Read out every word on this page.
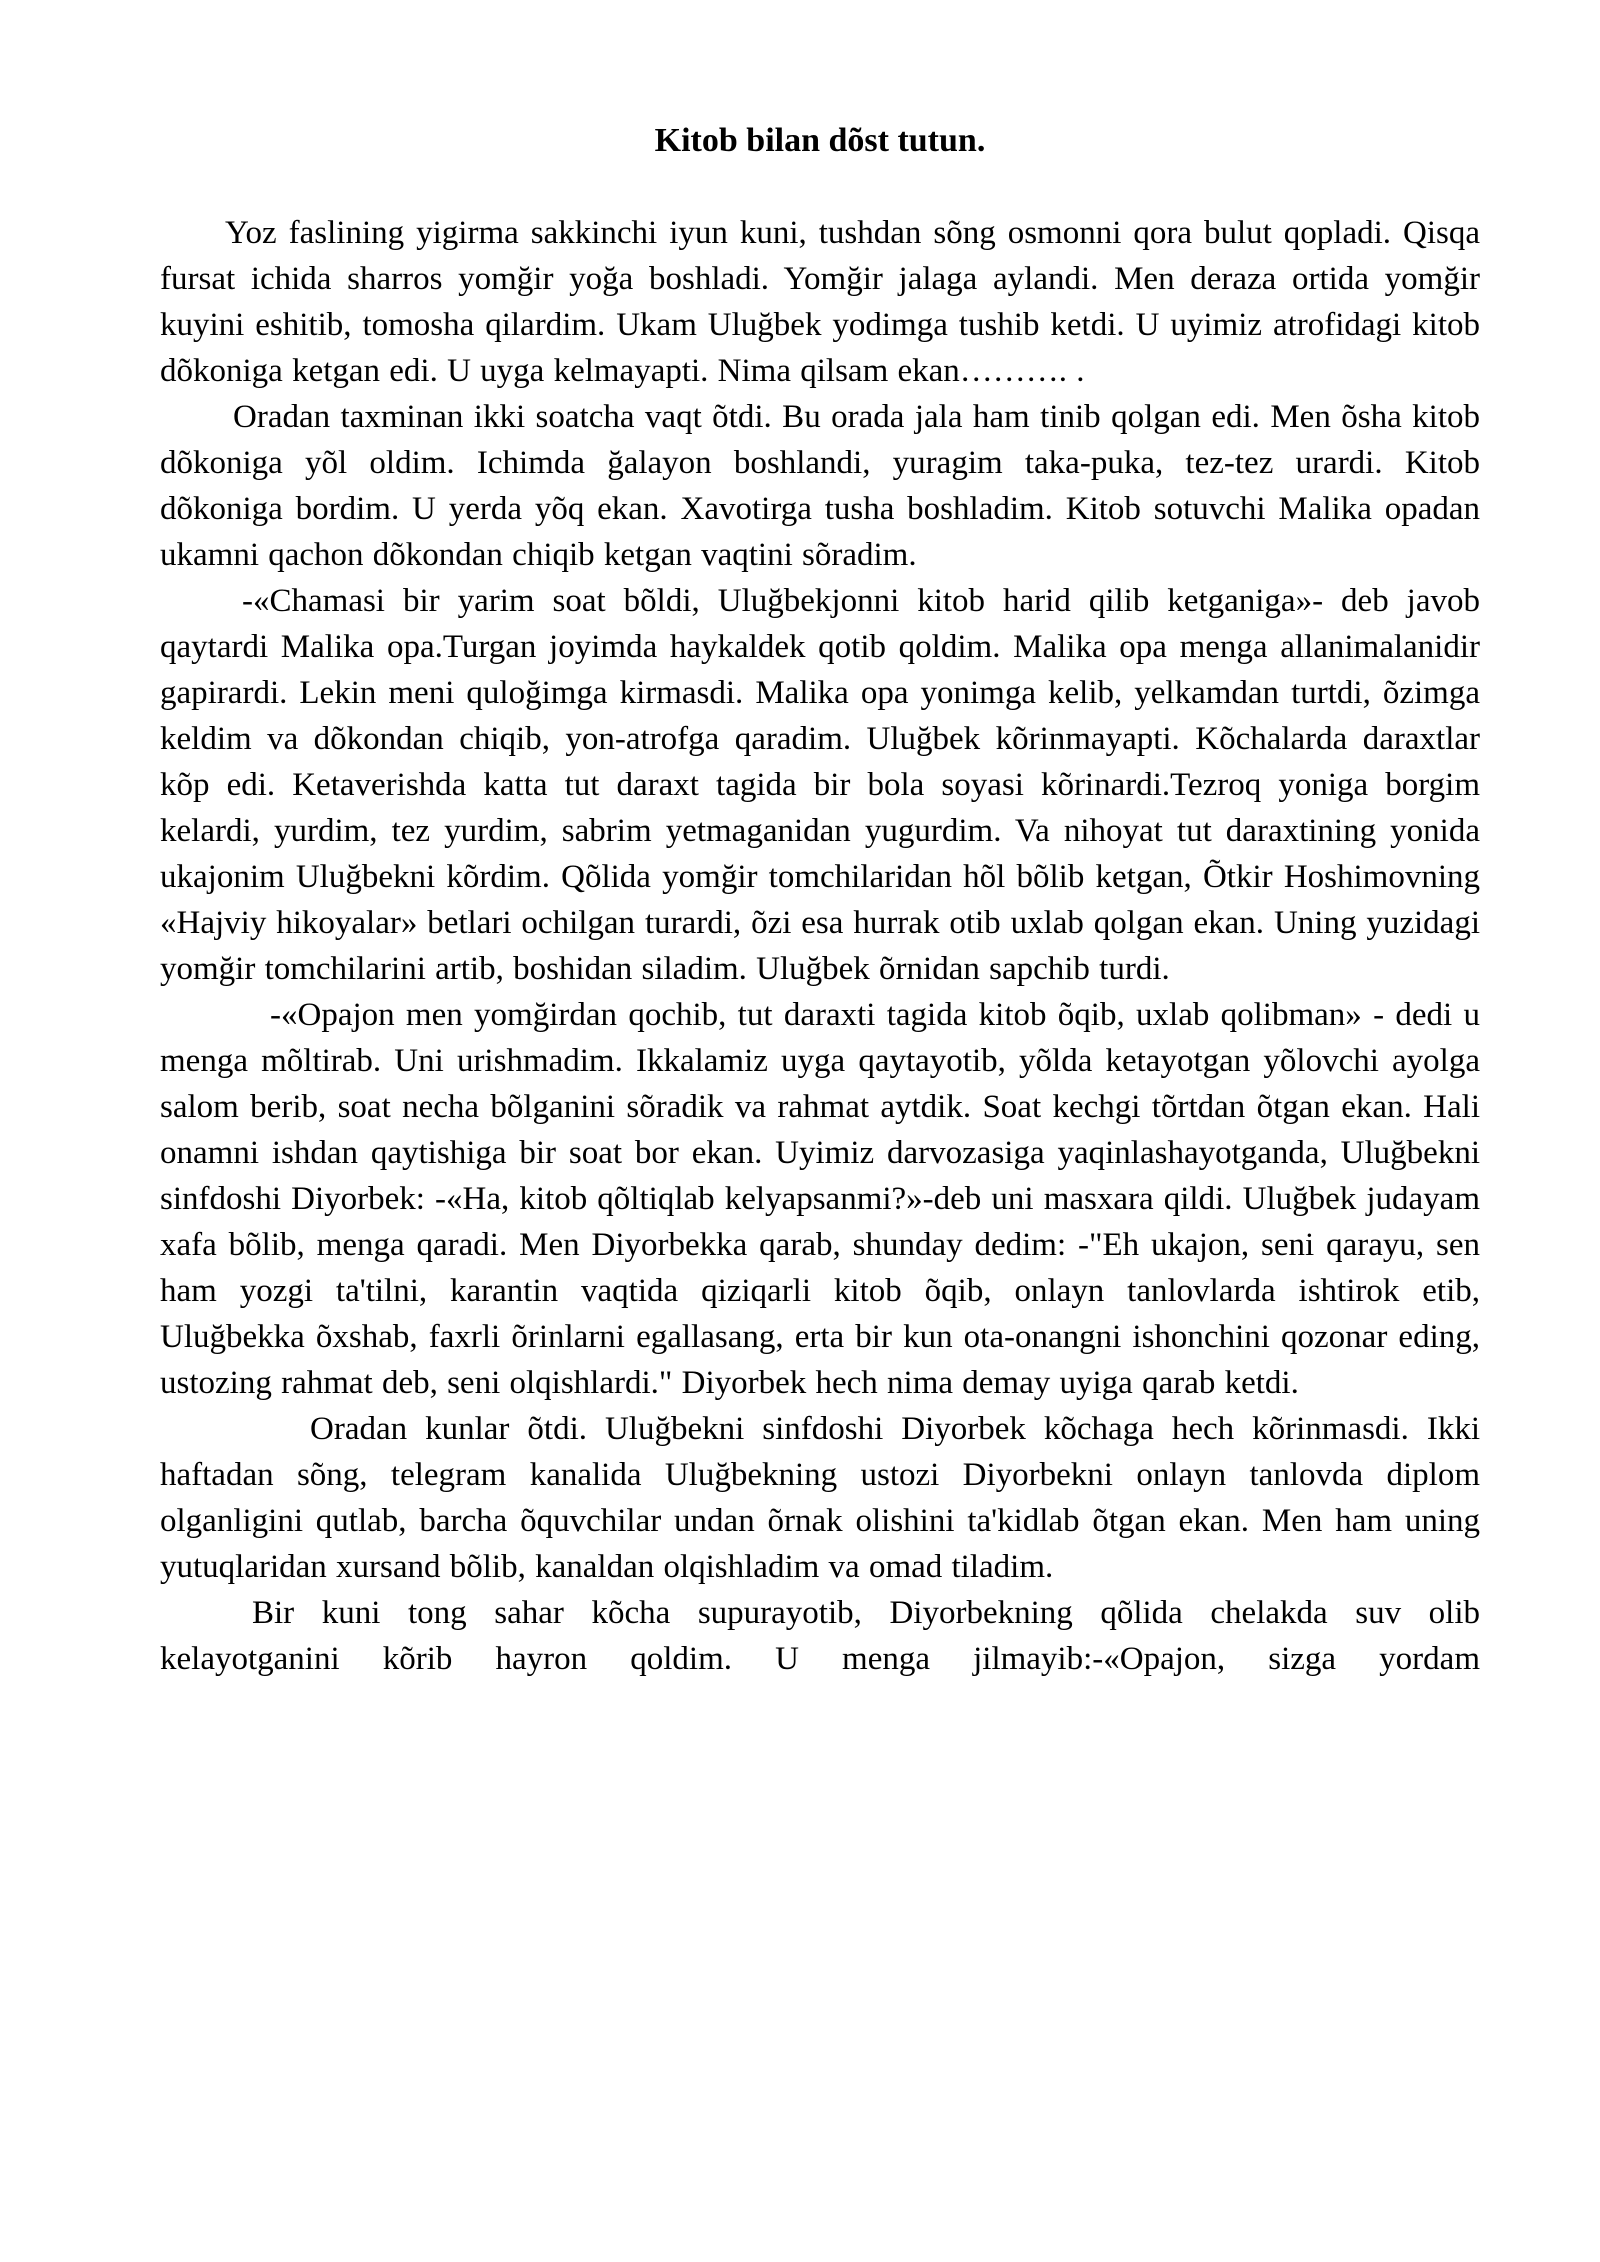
Kitob bilan dõst tutun.

Yoz faslining yigirma sakkinchi iyun kuni, tushdan sõng osmonni qora bulut qopladi. Qisqa fursat ichida sharros yomğir yoğa boshladi. Yomğir jalaga aylandi. Men deraza ortida yomğir kuyini eshitib, tomosha qilardim. Ukam Uluğbek yodimga tushib ketdi. U uyimiz atrofidagi kitob dõkoniga ketgan edi. U uyga kelmayapti. Nima qilsam ekan………. .

Oradan taxminan ikki soatcha vaqt õtdi. Bu orada jala ham tinib qolgan edi. Men õsha kitob dõkoniga yõl oldim. Ichimda ğalayon boshlandi, yuragim taka-puka, tez-tez urardi. Kitob dõkoniga bordim. U yerda yõq ekan. Xavotirga tusha boshladim. Kitob sotuvchi Malika opadan ukamni qachon dõkondan chiqib ketgan vaqtini sõradim.

-«Chamasi bir yarim soat bõldi, Uluğbekjonni kitob harid qilib ketganiga»- deb javob qaytardi Malika opa.Turgan joyimda haykaldek qotib qoldim. Malika opa menga allanimalanidir gapirardi. Lekin meni quloğimga kirmasdi. Malika opa yonimga kelib, yelkamdan turtdi, õzimga keldim va dõkondan chiqib, yon-atrofga qaradim. Uluğbek kõrinmayapti. Kõchalarda daraxtlar kõp edi. Ketaverishda katta tut daraxt tagida bir bola soyasi kõrinardi.Tezroq yoniga borgim kelardi, yurdim, tez yurdim, sabrim yetmaganidan yugurdim. Va nihoyat tut daraxtining yonida ukajonim Uluğbekni kõrdim. Qõlida yomğir tomchilaridan hõl bõlib ketgan, Õtkir Hoshimovning «Hajviy hikoyalar» betlari ochilgan turardi, õzi esa hurrak otib uxlab qolgan ekan. Uning yuzidagi yomğir tomchilarini artib, boshidan siladim. Uluğbek õrnidan sapchib turdi.

-«Opajon men yomğirdan qochib, tut daraxti tagida kitob õqib, uxlab qolibman» - dedi u menga mõltirab. Uni urishmadim. Ikkalamiz uyga qaytayotib, yõlda ketayotgan yõlovchi ayolga salom berib, soat necha bõlganini sõradik va rahmat aytdik. Soat kechgi tõrtdan õtgan ekan. Hali onamni ishdan qaytishiga bir soat bor ekan. Uyimiz darvozasiga yaqinlashayotganda, Uluğbekni sinfdoshi Diyorbek: -«Ha, kitob qõltiqlab kelyapsanmi?»-deb uni masxara qildi. Uluğbek judayam xafa bõlib, menga qaradi. Men Diyorbekka qarab, shunday dedim: -"Eh ukajon, seni qarayu, sen ham yozgi ta'tilni, karantin vaqtida qiziqarli kitob õqib, onlayn tanlovlarda ishtirok etib, Uluğbekka õxshab, faxrli õrinlarni egallasang, erta bir kun ota-onangni ishonchini qozonar eding, ustozing rahmat deb, seni olqishlardi." Diyorbek hech nima demay uyiga qarab ketdi.

Oradan kunlar õtdi. Uluğbekni sinfdoshi Diyorbek kõchaga hech kõrinmasdi. Ikki haftadan sõng, telegram kanalida Uluğbekning ustozi Diyorbekni onlayn tanlovda diplom olganligini qutlab, barcha õquvchilar undan õrnak olishini ta'kidlab õtgan ekan. Men ham uning yutuqlaridan xursand bõlib, kanaldan olqishladim va omad tiladim.

Bir kuni tong sahar kõcha supurayotib, Diyorbekning qõlida chelakda suv olib kelayotganini kõrib hayron qoldim. U menga jilmayib:-«Opajon, sizga yordam
